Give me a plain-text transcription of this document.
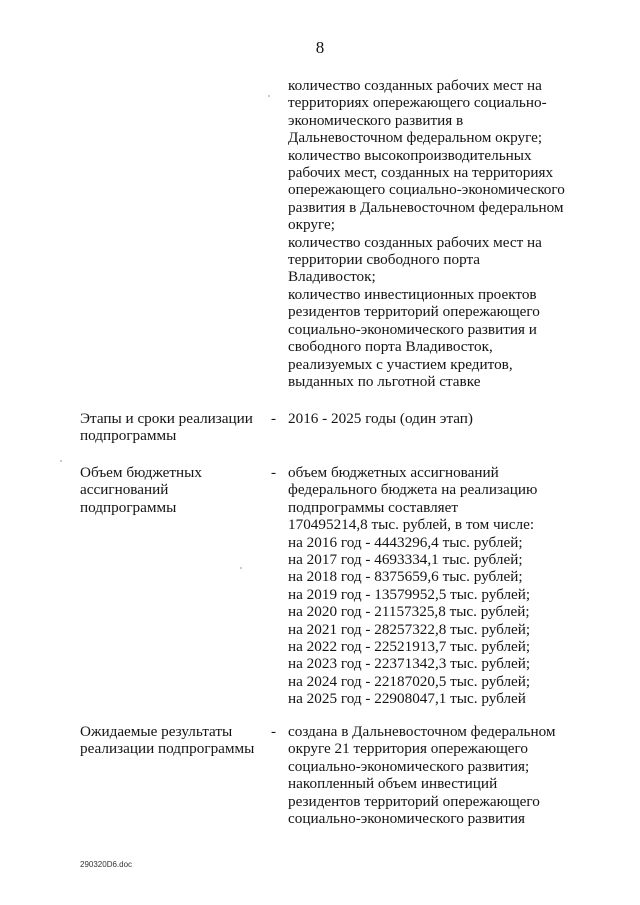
8
количество созданных рабочих мест на
территориях опережающего социально-
экономического развития в
Дальневосточном федеральном округе;
количество высокопроизводительных
рабочих мест, созданных на территориях
опережающего социально-экономического
развития в Дальневосточном федеральном
округе;
количество созданных рабочих мест на
территории свободного порта
Владивосток;
количество инвестиционных проектов
резидентов территорий опережающего
социально-экономического развития и
свободного порта Владивосток,
реализуемых с участием кредитов,
выданных по льготной ставке
Этапы и сроки реализации
подпрограммы
- 2016 - 2025 годы (один этап)
Объем бюджетных
ассигнований
подпрограммы
- объем бюджетных ассигнований
федерального бюджета на реализацию
подпрограммы составляет
170495214,8 тыс. рублей, в том числе:
на 2016 год - 4443296,4 тыс. рублей;
на 2017 год - 4693334,1 тыс. рублей;
на 2018 год - 8375659,6 тыс. рублей;
на 2019 год - 13579952,5 тыс. рублей;
на 2020 год - 21157325,8 тыс. рублей;
на 2021 год - 28257322,8 тыс. рублей;
на 2022 год - 22521913,7 тыс. рублей;
на 2023 год - 22371342,3 тыс. рублей;
на 2024 год - 22187020,5 тыс. рублей;
на 2025 год - 22908047,1 тыс. рублей
Ожидаемые результаты
реализации подпрограммы
- создана в Дальневосточном федеральном
округе 21 территория опережающего
социально-экономического развития;
накопленный объем инвестиций
резидентов территорий опережающего
социально-экономического развития
290320D6.doc
